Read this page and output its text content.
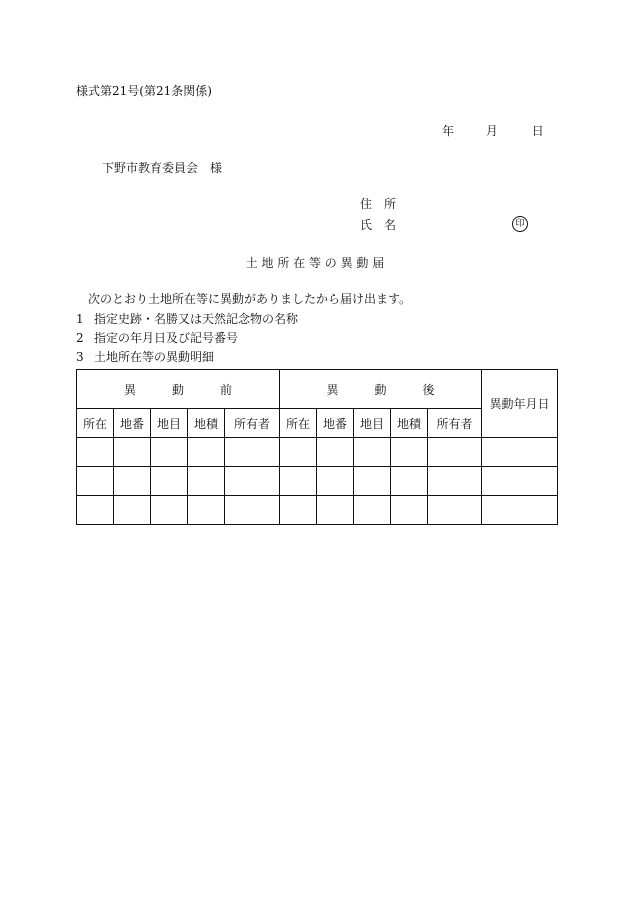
様式第21号(第21条関係)
年	月	日
下野市教育委員会　様
住　所
氏　名	印
土 地 所 在 等 の 異 動 届
次のとおり土地所在等に異動がありましたから届け出ます。
1 指定史跡・名勝又は天然記念物の名称
2 指定の年月日及び記号番号
3 土地所在等の異動明細
異　　　動　　　前					異　　　動　　　後					異動年月日
所在	地番	地目	地積	所有者	所在	地番	地目	地積	所有者	
